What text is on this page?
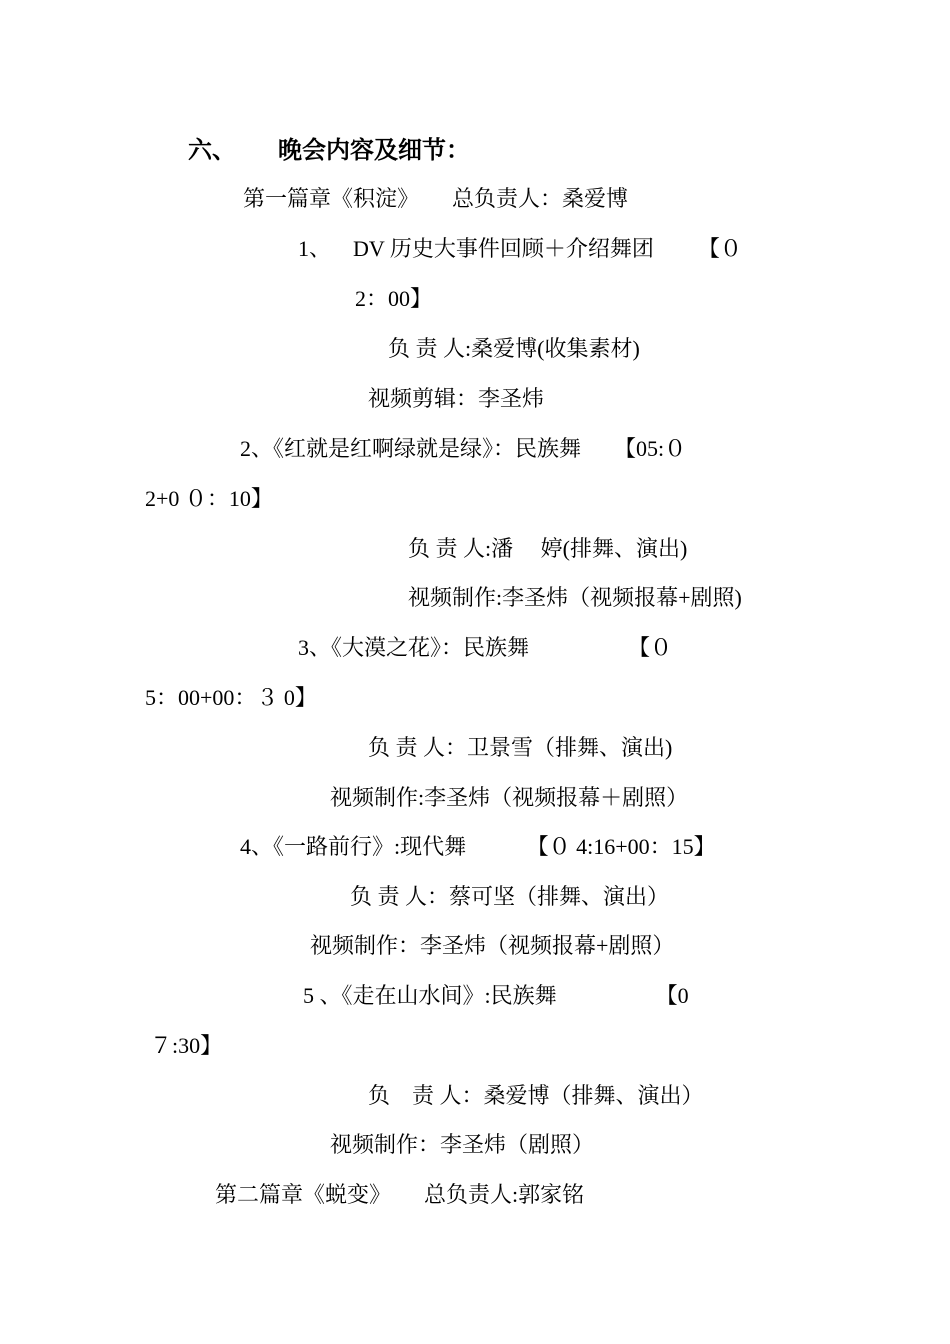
六、 晚会内容及细节：
第一篇章《积淀》      总负责人：桑爱博
1、    DV 历史大事件回顾＋介绍舞团        【０
2：00】
负 责 人:桑爱博(收集素材)
视频剪辑：李圣炜
2、《红就是红啊绿就是绿》：民族舞      【05:０
2+0 ０：10】
负 责 人:潘     婷(排舞、演出)
视频制作:李圣炜（视频报幕+剧照)
3、《大漠之花》：民族舞                  【０
5：00+00：３ 0】
负 责 人：卫景雪（排舞、演出)
视频制作:李圣炜（视频报幕＋剧照）
4、《一路前行》:现代舞           【０ 4:16+00：15】
负 责 人：蔡可坚（排舞、演出）
视频制作：李圣炜（视频报幕+剧照）
5 、《走在山水间》:民族舞                  【0
７:30】
负    责 人：桑爱博（排舞、演出）
视频制作：李圣炜（剧照）
第二篇章《蜕变》      总负责人:郭家铭
